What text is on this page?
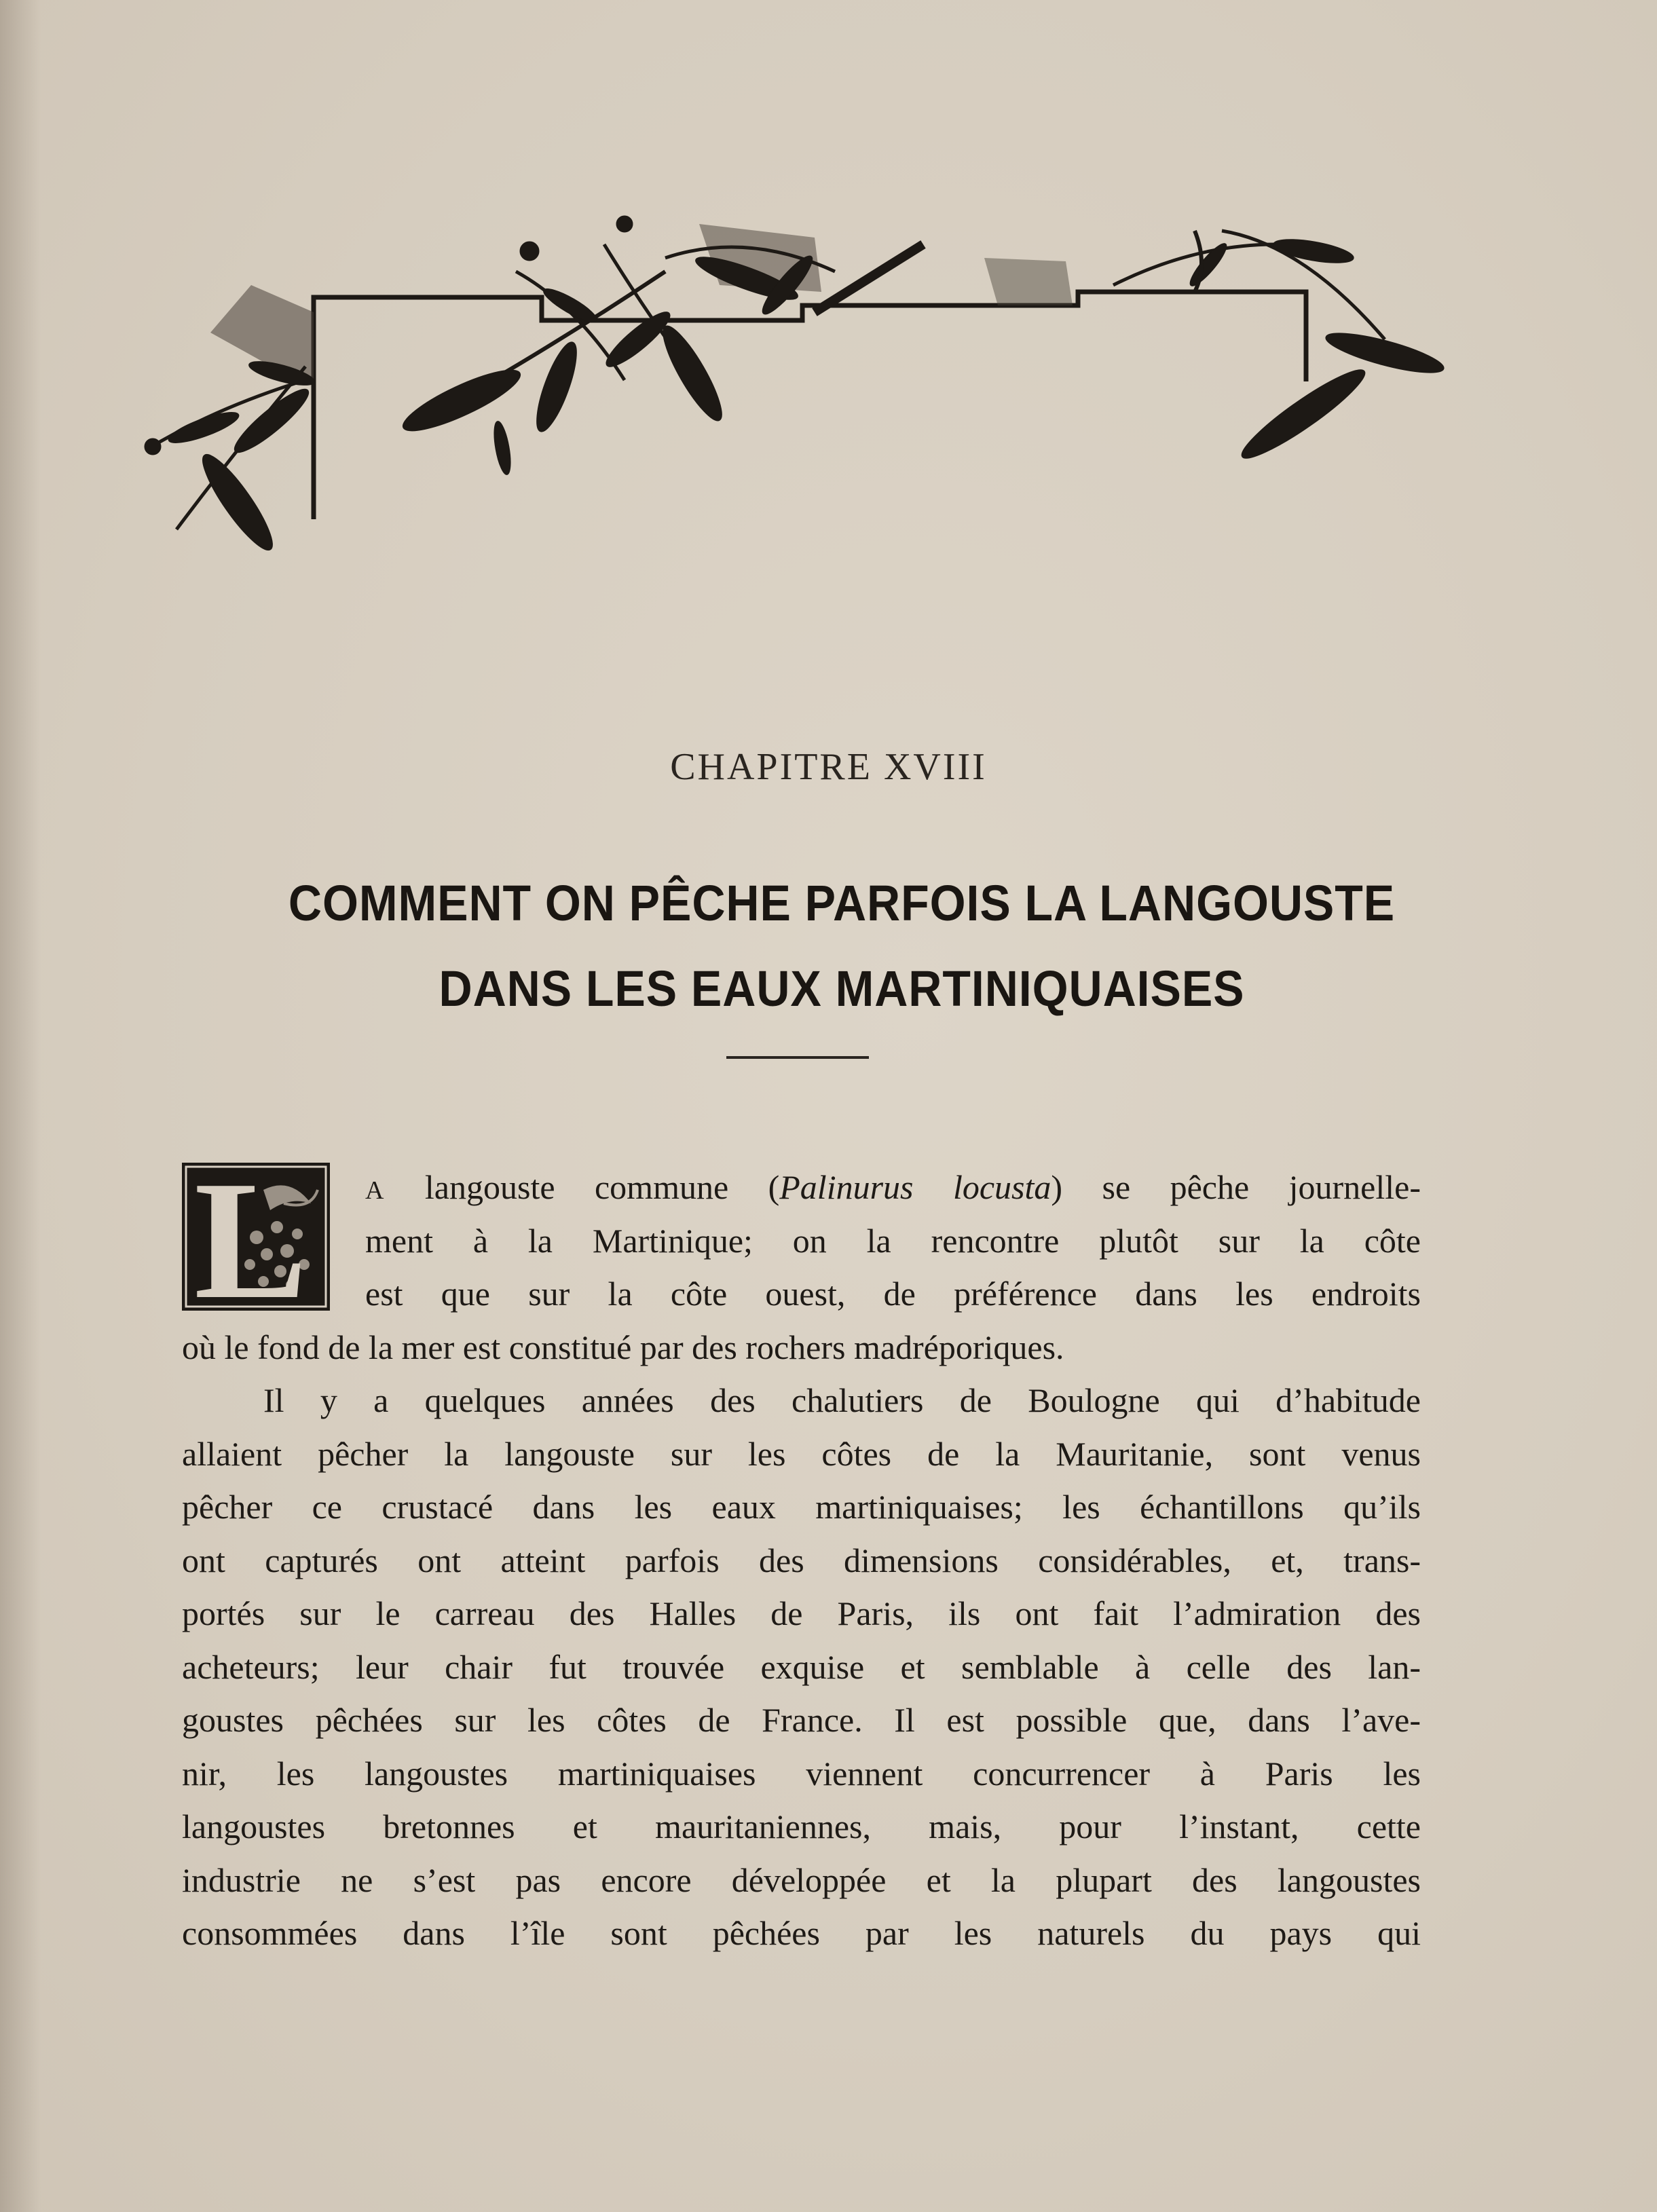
CHAPITRE XVIII
COMMENT ON PÊCHE PARFOIS LA LANGOUSTE
DANS LES EAUX MARTINIQUAISES
L A langouste commune (Palinurus locusta) se pêche journelle-
ment à la Martinique; on la rencontre plutôt sur la côte
est que sur la côte ouest, de préférence dans les endroits
où le fond de la mer est constitué par des rochers madréporiques.
Il y a quelques années des chalutiers de Boulogne qui d’habitude
allaient pêcher la langouste sur les côtes de la Mauritanie, sont venus
pêcher ce crustacé dans les eaux martiniquaises; les échantillons qu’ils
ont capturés ont atteint parfois des dimensions considérables, et, trans-
portés sur le carreau des Halles de Paris, ils ont fait l’admiration des
acheteurs; leur chair fut trouvée exquise et semblable à celle des lan-
goustes pêchées sur les côtes de France. Il est possible que, dans l’ave-
nir, les langoustes martiniquaises viennent concurrencer à Paris les
langoustes bretonnes et mauritaniennes, mais, pour l’instant, cette
industrie ne s’est pas encore développée et la plupart des langoustes
consommées dans l’île sont pêchées par les naturels du pays qui
